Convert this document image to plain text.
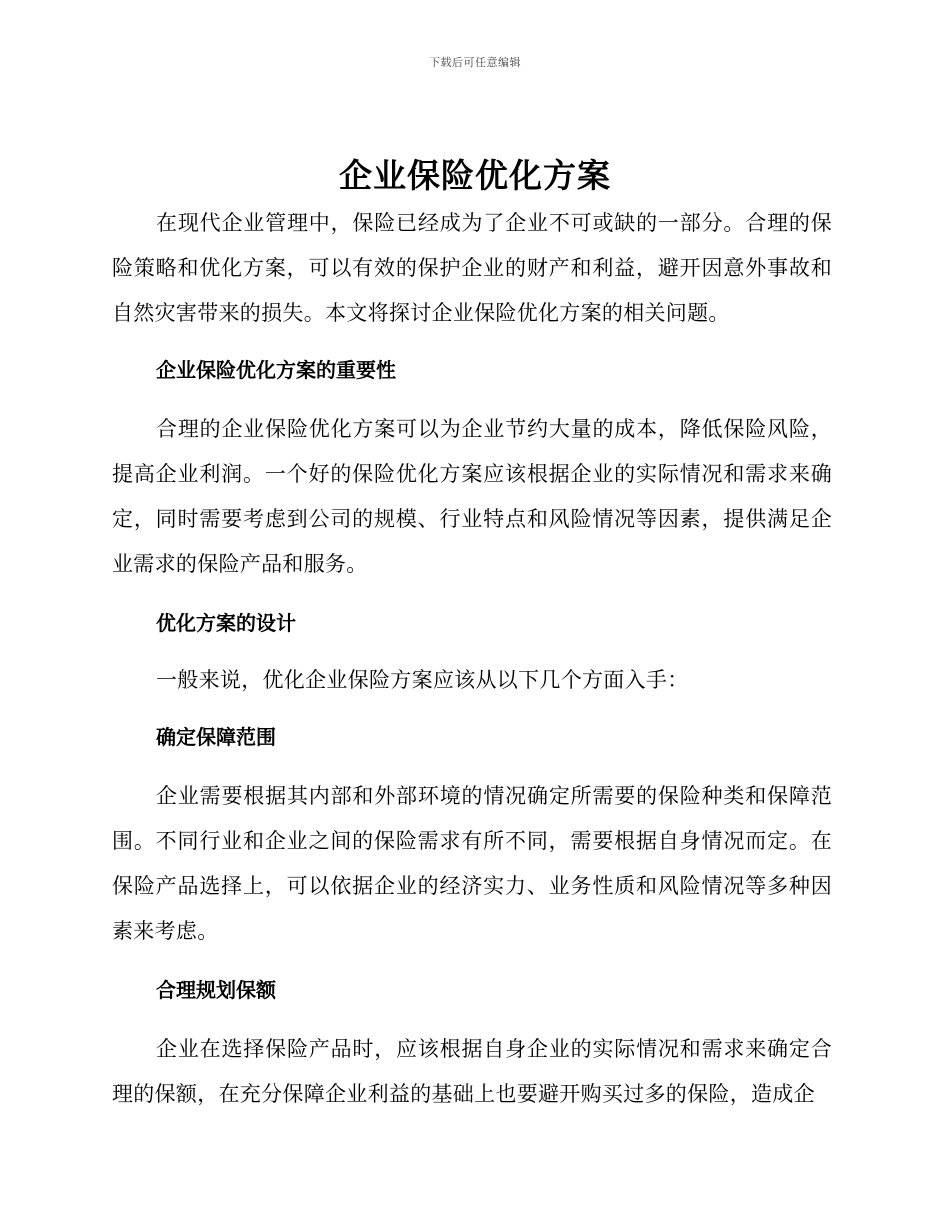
下载后可任意编辑
企业保险优化方案

在现代企业管理中，保险已经成为了企业不可或缺的一部分。合理的保险策略和优化方案，可以有效的保护企业的财产和利益，避开因意外事故和自然灾害带来的损失。本文将探讨企业保险优化方案的相关问题。

企业保险优化方案的重要性

合理的企业保险优化方案可以为企业节约大量的成本，降低保险风险，提高企业利润。一个好的保险优化方案应该根据企业的实际情况和需求来确定，同时需要考虑到公司的规模、行业特点和风险情况等因素，提供满足企业需求的保险产品和服务。

优化方案的设计

一般来说，优化企业保险方案应该从以下几个方面入手：

确定保障范围

企业需要根据其内部和外部环境的情况确定所需要的保险种类和保障范围。不同行业和企业之间的保险需求有所不同，需要根据自身情况而定。在保险产品选择上，可以依据企业的经济实力、业务性质和风险情况等多种因素来考虑。

合理规划保额

企业在选择保险产品时，应该根据自身企业的实际情况和需求来确定合理的保额，在充分保障企业利益的基础上也要避开购买过多的保险，造成企
